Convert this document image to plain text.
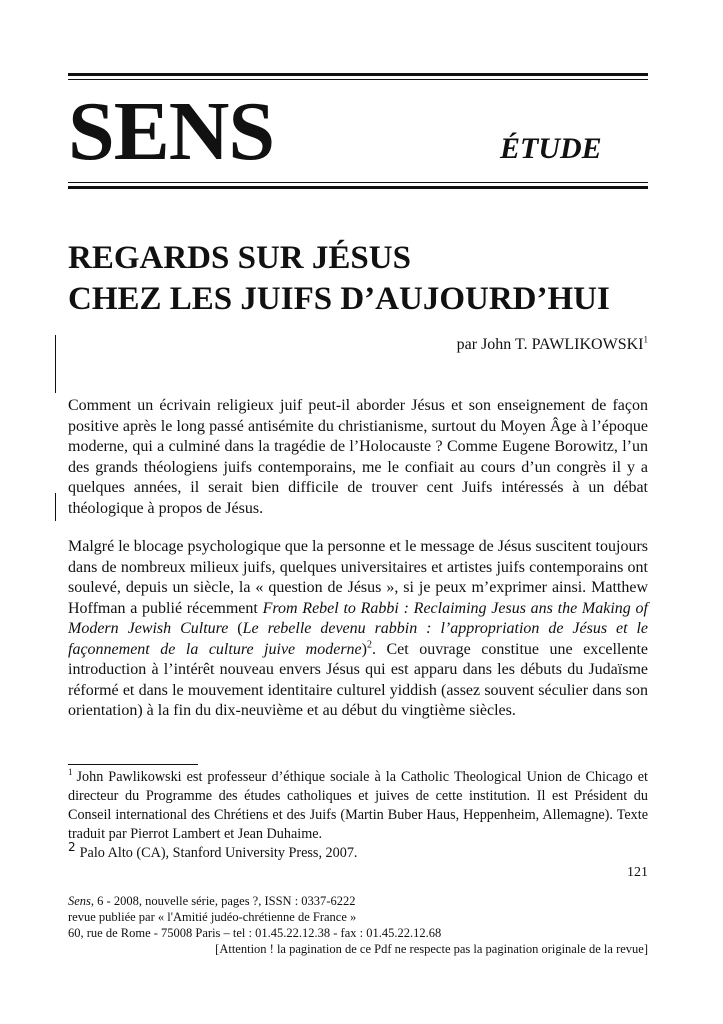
SENS	ÉTUDE
REGARDS SUR JÉSUS
CHEZ LES JUIFS D’AUJOURD’HUI
par John T. PAWLIKOWSKI$^1$

Comment un écrivain religieux juif peut-il aborder Jésus et son enseignement de façon positive après le long passé antisémite du christianisme, surtout du Moyen Âge à l’époque moderne, qui a culminé dans la tragédie de l’Holocauste ? Comme Eugene Borowitz, l’un des grands théologiens juifs contemporains, me le confiait au cours d’un congrès il y a quelques années, il serait bien difficile de trouver cent Juifs intéressés à un débat théologique à propos de Jésus.

Malgré le blocage psychologique que la personne et le message de Jésus suscitent toujours dans de nombreux milieux juifs, quelques universitaires et artistes juifs contemporains ont soulevé, depuis un siècle, la « question de Jésus », si je peux m’exprimer ainsi. Matthew Hoffman a publié récemment From Rebel to Rabbi : Reclaiming Jesus ans the Making of Modern Jewish Culture (Le rebelle devenu rabbin : l’appropriation de Jésus et le façonnement de la culture juive moderne)$^2$. Cet ouvrage constitue une excellente introduction à l’intérêt nouveau envers Jésus qui est apparu dans les débuts du Judaïsme réformé et dans le mouvement identitaire culturel yiddish (assez souvent séculier dans son orientation) à la fin du dix-neuvième et au début du vingtième siècles.

$^1$ John Pawlikowski est professeur d’éthique sociale à la Catholic Theological Union de Chicago et directeur du Programme des études catholiques et juives de cette institution. Il est Président du Conseil international des Chrétiens et des Juifs (Martin Buber Haus, Heppenheim, Allemagne). Texte traduit par Pierrot Lambert et Jean Duhaime.

$^2$ Palo Alto (CA), Stanford University Press, 2007.

121
Sens, 6 - 2008, nouvelle série, pages ?, ISSN : 0337-6222
revue publiée par « l'Amitié judéo-chrétienne de France »
60, rue de Rome - 75008 Paris – tel : 01.45.22.12.38 - fax : 01.45.22.12.68
[Attention ! la pagination de ce Pdf ne respecte pas la pagination originale de la revue]
